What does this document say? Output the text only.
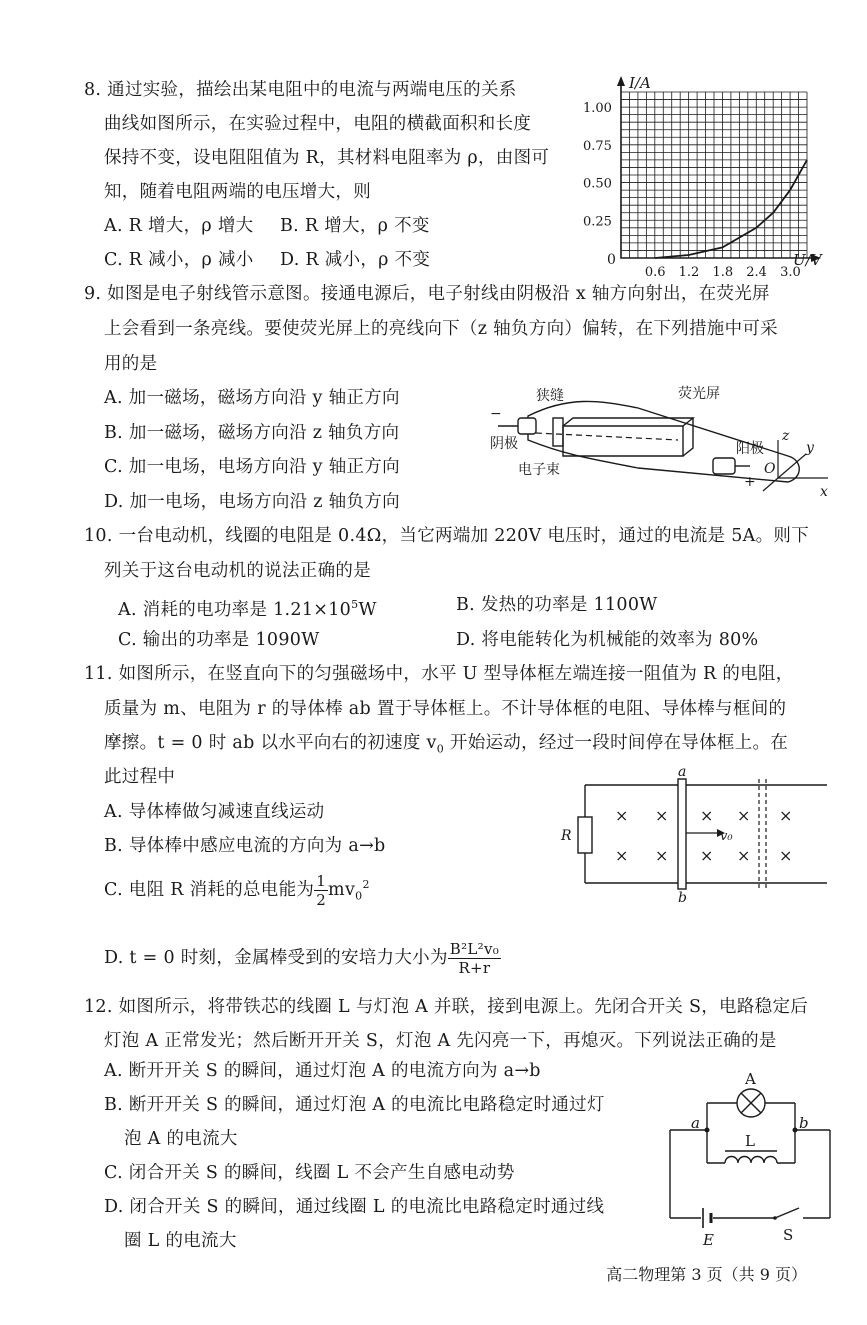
8. 通过实验，描绘出某电阻中的电流与两端电压的关系
曲线如图所示，在实验过程中，电阻的横截面积和长度
保持不变，设电阻阻值为 R，其材料电阻率为 ρ，由图可
知，随着电阻两端的电压增大，则
A. R 增大，ρ 增大 B. R 增大，ρ 不变
C. R 减小，ρ 减小 D. R 减小，ρ 不变
0.6 1.2 1.8 2.4 3.0
0.25
0.50
0.75
1.00
I/A
U/V
0
9. 如图是电子射线管示意图。接通电源后，电子射线由阴极沿 x 轴方向射出，在荧光屏
上会看到一条亮线。要使荧光屏上的亮线向下（z 轴负方向）偏转，在下列措施中可采
用的是
A. 加一磁场，磁场方向沿 y 轴正方向
B. 加一磁场，磁场方向沿 z 轴负方向
C. 加一电场，电场方向沿 y 轴正方向
D. 加一电场，电场方向沿 z 轴负方向
狭缝	荧光屏
阴极
电子束
阳极
−
+
O
x
y
z
10. 一台电动机，线圈的电阻是 0.4Ω，当它两端加 220V 电压时，通过的电流是 5A。则下
列关于这台电动机的说法正确的是
A. 消耗的电功率是 $1.21\times 10^5W$	B. 发热的功率是 1100W
C. 输出的功率是 1090W	D. 将电能转化为机械能的效率为 80%
11. 如图所示，在竖直向下的匀强磁场中，水平 U 型导体框左端连接一阻值为 R 的电阻，
质量为 m、电阻为 r 的导体棒 ab 置于导体框上。不计导体框的电阻、导体棒与框间的
摩擦。t = 0 时 ab 以水平向右的初速度 $v_0$ 开始运动，经过一段时间停在导体框上。在
此过程中
A. 导体棒做匀减速直线运动
B. 导体棒中感应电流的方向为 a→b
C. 电阻 R 消耗的总电能为 $\frac{1}{2} mv_0^2$
D. t = 0 时刻，金属棒受到的安培力大小为 $\frac{\text{B²L²v₀}}{R+r}$
× × × × ×
× × × × ×
a
b
R	v₀
12. 如图所示，将带铁芯的线圈 L 与灯泡 A 并联，接到电源上。先闭合开关 S，电路稳定后
灯泡 A 正常发光；然后断开开关 S，灯泡 A 先闪亮一下，再熄灭。下列说法正确的是
A. 断开开关 S 的瞬间，通过灯泡 A 的电流方向为 a→b
B. 断开开关 S 的瞬间，通过灯泡 A 的电流比电路稳定时通过灯
泡 A 的电流大
C. 闭合开关 S 的瞬间，线圈 L 不会产生自感电动势
D. 闭合开关 S 的瞬间，通过线圈 L 的电流比电路稳定时通过线
圈 L 的电流大
A
L
a	b
E	S
高二物理第 3 页（共 9 页）
